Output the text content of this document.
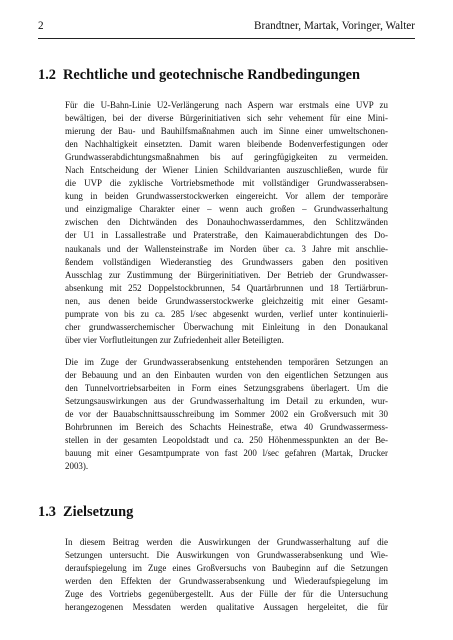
2	Brandtner, Martak, Voringer, Walter
1.2 Rechtliche und geotechnische Randbedingungen

Für die U-Bahn-Linie U2-Verlängerung nach Aspern war erstmals eine UVP zu
bewältigen, bei der diverse Bürgerinitiativen sich sehr vehement für eine Mini-
mierung der Bau- und Bauhilfsmaßnahmen auch im Sinne einer umweltschonen-
den Nachhaltigkeit einsetzten. Damit waren bleibende Bodenverfestigungen oder
Grundwasserabdichtungsmaßnahmen bis auf geringfügigkeiten zu vermeiden.
Nach Entscheidung der Wiener Linien Schildvarianten auszuschließen, wurde für
die UVP die zyklische Vortriebsmethode mit vollständiger Grundwasserabsen-
kung in beiden Grundwasserstockwerken eingereicht. Vor allem der temporäre
und einzigmalige Charakter einer – wenn auch großen – Grundwasserhaltung
zwischen den Dichtwänden des Donauhochwasserdammes, den Schlitzwänden
der U1 in Lassallestraße und Praterstraße, den Kaimauerabdichtungen des Do-
naukanals und der Wallensteinstraße im Norden über ca. 3 Jahre mit anschlie-
ßendem vollständigen Wiederanstieg des Grundwassers gaben den positiven
Ausschlag zur Zustimmung der Bürgerinitiativen. Der Betrieb der Grundwasser-
absenkung mit 252 Doppelstockbrunnen, 54 Quartärbrunnen und 18 Tertiärbrun-
nen, aus denen beide Grundwasserstockwerke gleichzeitig mit einer Gesamt-
pumprate von bis zu ca. 285 l/sec abgesenkt wurden, verlief unter kontinuierli-
cher grundwasserchemischer Überwachung mit Einleitung in den Donaukanal
über vier Vorflutleitungen zur Zufriedenheit aller Beteiligten.

Die im Zuge der Grundwasserabsenkung entstehenden temporären Setzungen an
der Bebauung und an den Einbauten wurden von den eigentlichen Setzungen aus
den Tunnelvortriebsarbeiten in Form eines Setzungsgrabens überlagert. Um die
Setzungsauswirkungen aus der Grundwasserhaltung im Detail zu erkunden, wur-
de vor der Bauabschnittsausschreibung im Sommer 2002 ein Großversuch mit 30
Bohrbrunnen im Bereich des Schachts Heinestraße, etwa 40 Grundwassermess-
stellen in der gesamten Leopoldstadt und ca. 250 Höhenmesspunkten an der Be-
bauung mit einer Gesamtpumprate von fast 200 l/sec gefahren (Martak, Drucker
2003).

1.3 Zielsetzung

In diesem Beitrag werden die Auswirkungen der Grundwasserhaltung auf die
Setzungen untersucht. Die Auswirkungen von Grundwasserabsenkung und Wie-
deraufspiegelung im Zuge eines Großversuchs von Baubeginn auf die Setzungen
werden den Effekten der Grundwasserabsenkung und Wiederaufspiegelung im
Zuge des Vortriebs gegenübergestellt. Aus der Fülle der für die Untersuchung
herangezogenen Messdaten werden qualitative Aussagen hergeleitet, die für
